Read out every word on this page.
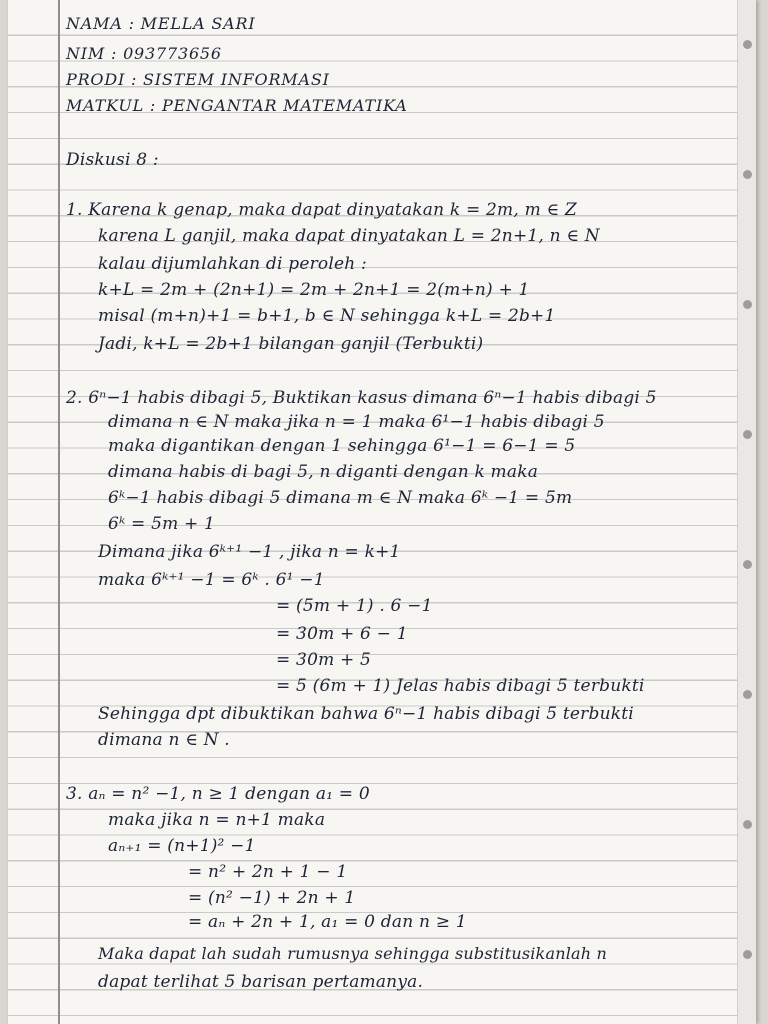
NAMA : MELLA SARI
NIM : 093773656
PRODI : SISTEM INFORMASI
MATKUL : PENGANTAR MATEMATIKA
Diskusi 8 :
1. Karena k genap, maka dapat dinyatakan k = 2m, m ∈ Z
karena L ganjil, maka dapat dinyatakan L = 2n+1, n ∈ N
kalau dijumlahkan di peroleh :
k+L = 2m + (2n+1) = 2m + 2n+1 = 2(m+n) + 1
misal (m+n)+1 = b+1, b ∈ N sehingga k+L = 2b+1
Jadi, k+L = 2b+1 bilangan ganjil (Terbukti)
2. 6ⁿ−1 habis dibagi 5, Buktikan kasus dimana 6ⁿ−1 habis dibagi 5
dimana n ∈ N maka jika n = 1 maka 6¹−1 habis dibagi 5
maka digantikan dengan 1 sehingga 6¹−1 = 6−1 = 5
dimana habis di bagi 5, n diganti dengan k maka
6ᵏ−1 habis dibagi 5 dimana m ∈ N maka 6ᵏ −1 = 5m
6ᵏ = 5m + 1
Dimana jika 6ᵏ⁺¹ −1 , jika n = k+1
maka 6ᵏ⁺¹ −1 = 6ᵏ . 6¹ −1
= (5m + 1) . 6 −1
= 30m + 6 − 1
= 30m + 5
= 5 (6m + 1) Jelas habis dibagi 5 terbukti
Sehingga dpt dibuktikan bahwa 6ⁿ−1 habis dibagi 5 terbukti
dimana n ∈ N .
3. aₙ = n² −1, n ≥ 1 dengan a₁ = 0
maka jika n = n+1 maka
aₙ₊₁ = (n+1)² −1
= n² + 2n + 1 − 1
= (n² −1) + 2n + 1
= aₙ + 2n + 1, a₁ = 0 dan n ≥ 1
Maka dapat lah sudah rumusnya sehingga substitusikanlah n
dapat terlihat 5 barisan pertamanya.
